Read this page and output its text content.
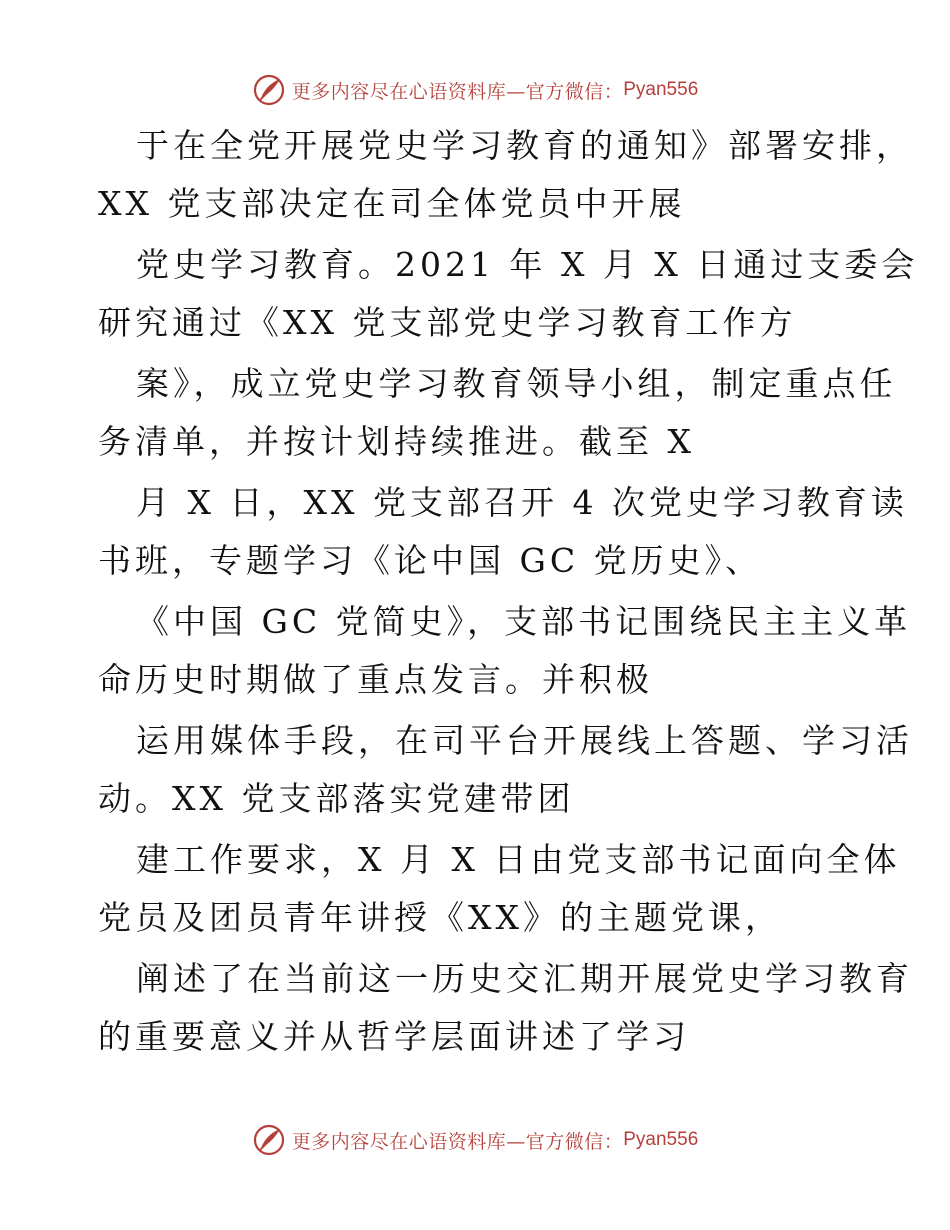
更多内容尽在心语资料库—官方微信： Pyan556
于在全党开展党史学习教育的通知》部署安排，
XX 党支部决定在司全体党员中开展
党史学习教育。2021 年 X 月 X 日通过支委会
研究通过《XX 党支部党史学习教育工作方
案》，成立党史学习教育领导小组，制定重点任
务清单，并按计划持续推进。截至 X
月 X 日，XX 党支部召开 4 次党史学习教育读
书班，专题学习《论中国 GC 党历史》、
《中国 GC 党简史》，支部书记围绕民主主义革
命历史时期做了重点发言。并积极
运用媒体手段，在司平台开展线上答题、学习活
动。XX 党支部落实党建带团
建工作要求，X 月 X 日由党支部书记面向全体
党员及团员青年讲授《XX》的主题党课，
阐述了在当前这一历史交汇期开展党史学习教育
的重要意义并从哲学层面讲述了学习
更多内容尽在心语资料库—官方微信： Pyan556
